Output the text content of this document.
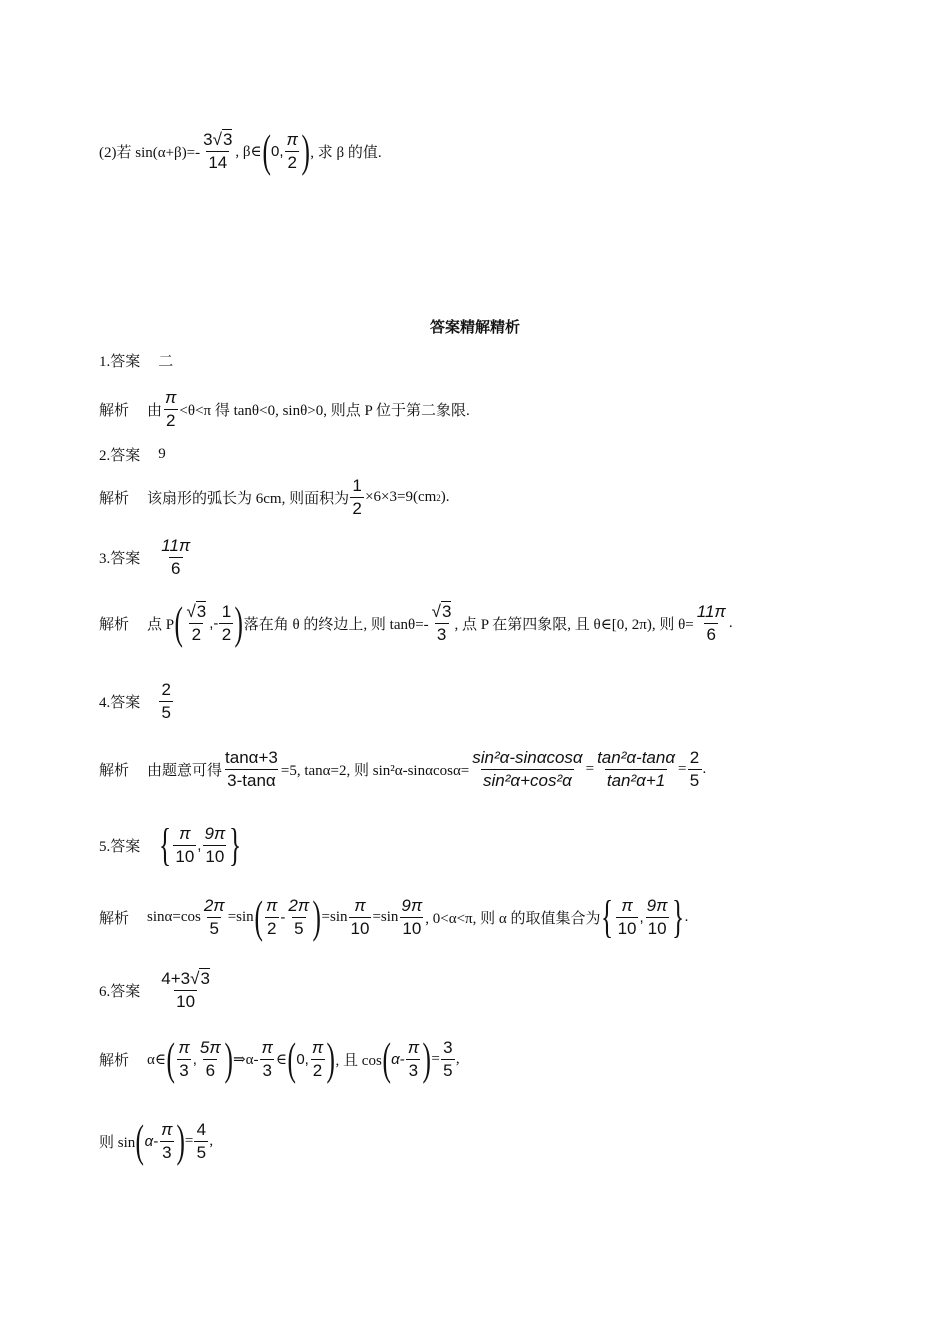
(2)若 $\sin(\alpha+\beta)=- \frac{3√3}{14}$ , β∈ ( 0 , $\frac{\pi}{2}$ ) , 求 β 的值.
答案精解精析
1.答案 二
解析 由 $\frac{\pi}{2} <\theta<\pi$ 得 tanθ<0, sinθ>0, 则点 P 位于第二象限.
2.答案 9
解析 该扇形的弧长为 6cm, 则面积为 $\frac{1}{2} \times 6\times 3=9(cm$ 2 ).
3.答案 $\frac{11\pi}{6}$
解析 点 P ( $\frac{√3}{2}$ ,- $\frac{1}{2}$ ) 落在角 θ 的终边上, 则 $\tan\theta=- \frac{√3}{3}$ , 点 P 在第四象限, 且 θ∈[0, 2π), 则 $\theta= \frac{11\pi}{6}$ .
4.答案 $\frac{2}{5}$
解析 由题意可得 $\frac{\tan\alpha+3}{3-\tan\alpha} =5$, tanα=2, 则 $\sin^2\alpha-\sin\alpha\cos\alpha= \frac{\text{sin²α-sinαcosα}}{\text{sin²α+cos²α}} = \frac{\text{tan²α-tanα}}{\text{tan²α+1}} = \frac{2}{5}$ .
5.答案 { $\frac{\pi}{10}$ , $\frac{9\pi}{10}$ }
解析 $\sin\alpha=\cos \frac{2\pi}{5} =\sin$ ( $\frac{\pi}{2} - \frac{2\pi}{5}$ ) $=\sin \frac{\pi}{10} =\sin \frac{9\pi}{10}$ , 0<α<π, 则 α 的取值集合为 { $\frac{\pi}{10}$ , $\frac{9\pi}{10}$ } .
6.答案 $\frac{4+3√3}{10}$
解析 α∈ ( $\frac{\pi}{3}$ , $\frac{5\pi}{6}$ ) ⇒α- $\frac{\pi}{3}$ ∈ ( 0 , $\frac{\pi}{2}$ ) , 且 cos ( $\alpha- \frac{\pi}{3}$ ) = $\frac{3}{5}$ ,
则 sin ( $\alpha- \frac{\pi}{3}$ ) = $\frac{4}{5}$ ,
